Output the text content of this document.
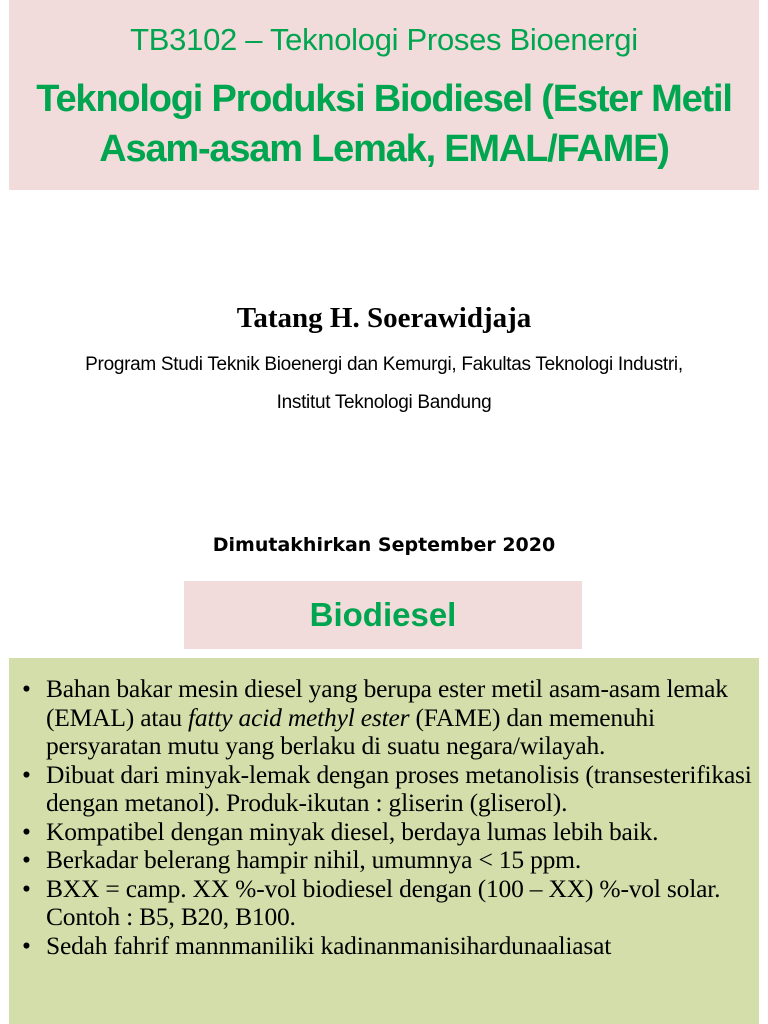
TB3102 – Teknologi Proses Bioenergi
Teknologi Produksi Biodiesel (Ester Metil
Asam-asam Lemak, EMAL/FAME)
Tatang H. Soerawidjaja
Program Studi Teknik Bioenergi dan Kemurgi, Fakultas Teknologi Industri,
Institut Teknologi Bandung
Dimutakhirkan September 2020
Biodiesel
• Bahan bakar mesin diesel yang berupa ester metil asam-asam lemak (EMAL) atau fatty acid methyl ester (FAME) dan memenuhi persyaratan mutu yang berlaku di suatu negara/wilayah.
• Dibuat dari minyak-lemak dengan proses metanolisis (transesterifikasi dengan metanol). Produk-ikutan : gliserin (gliserol).
• Kompatibel dengan minyak diesel, berdaya lumas lebih baik.
• Berkadar belerang hampir nihil, umumnya < 15 ppm.
• BXX = camp. XX %-vol biodiesel dengan (100 – XX) %-vol solar. Contoh : B5, B20, B100.
• Sedah fahrif mannmaniliki kadinanmanisihardunaaliasat
